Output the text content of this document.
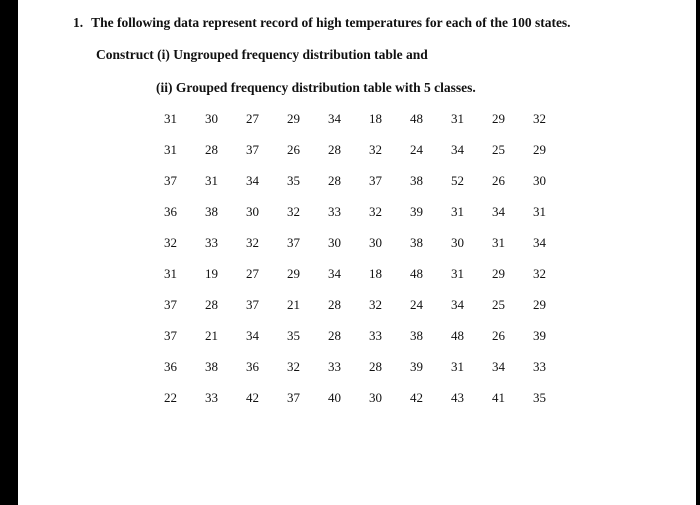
1. The following data represent record of high temperatures for each of the 100 states.
Construct (i) Ungrouped frequency distribution table and
(ii) Grouped frequency distribution table with 5 classes.
31	30	27	29	34	18	48	31	29	32
31	28	37	26	28	32	24	34	25	29
37	31	34	35	28	37	38	52	26	30
36	38	30	32	33	32	39	31	34	31
32	33	32	37	30	30	38	30	31	34
31	19	27	29	34	18	48	31	29	32
37	28	37	21	28	32	24	34	25	29
37	21	34	35	28	33	38	48	26	39
36	38	36	32	33	28	39	31	34	33
22	33	42	37	40	30	42	43	41	35
